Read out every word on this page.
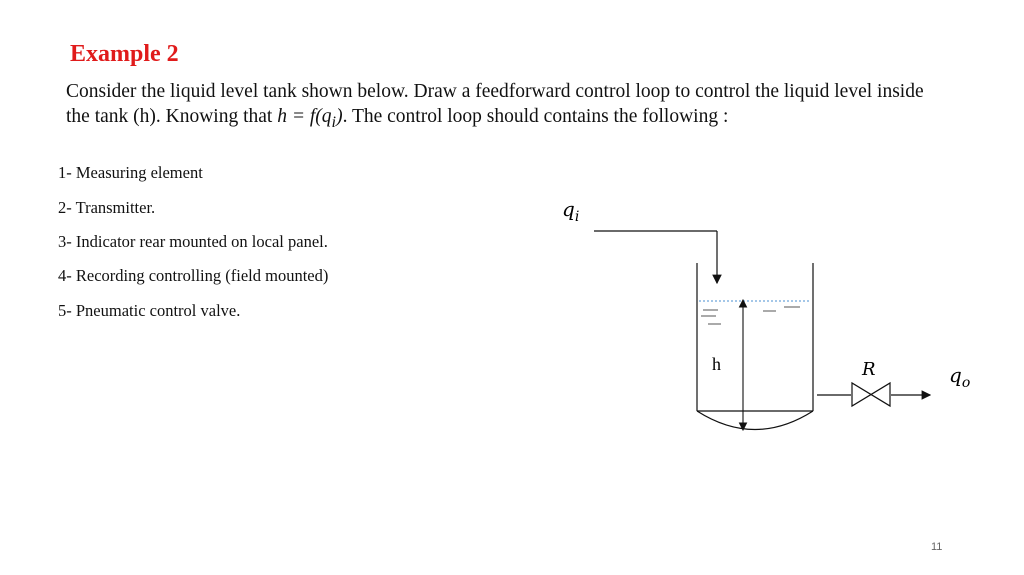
Example 2
Consider the liquid level tank shown below. Draw a feedforward control loop to control the liquid level inside the tank (h). Knowing that $h = f(q_i)$. The control loop should contains the following :
1- Measuring element
2- Transmitter.
3- Indicator rear mounted on local panel.
4- Recording controlling (field mounted)
5- Pneumatic control valve.
$q_i$
h	R	$q_o$
11
